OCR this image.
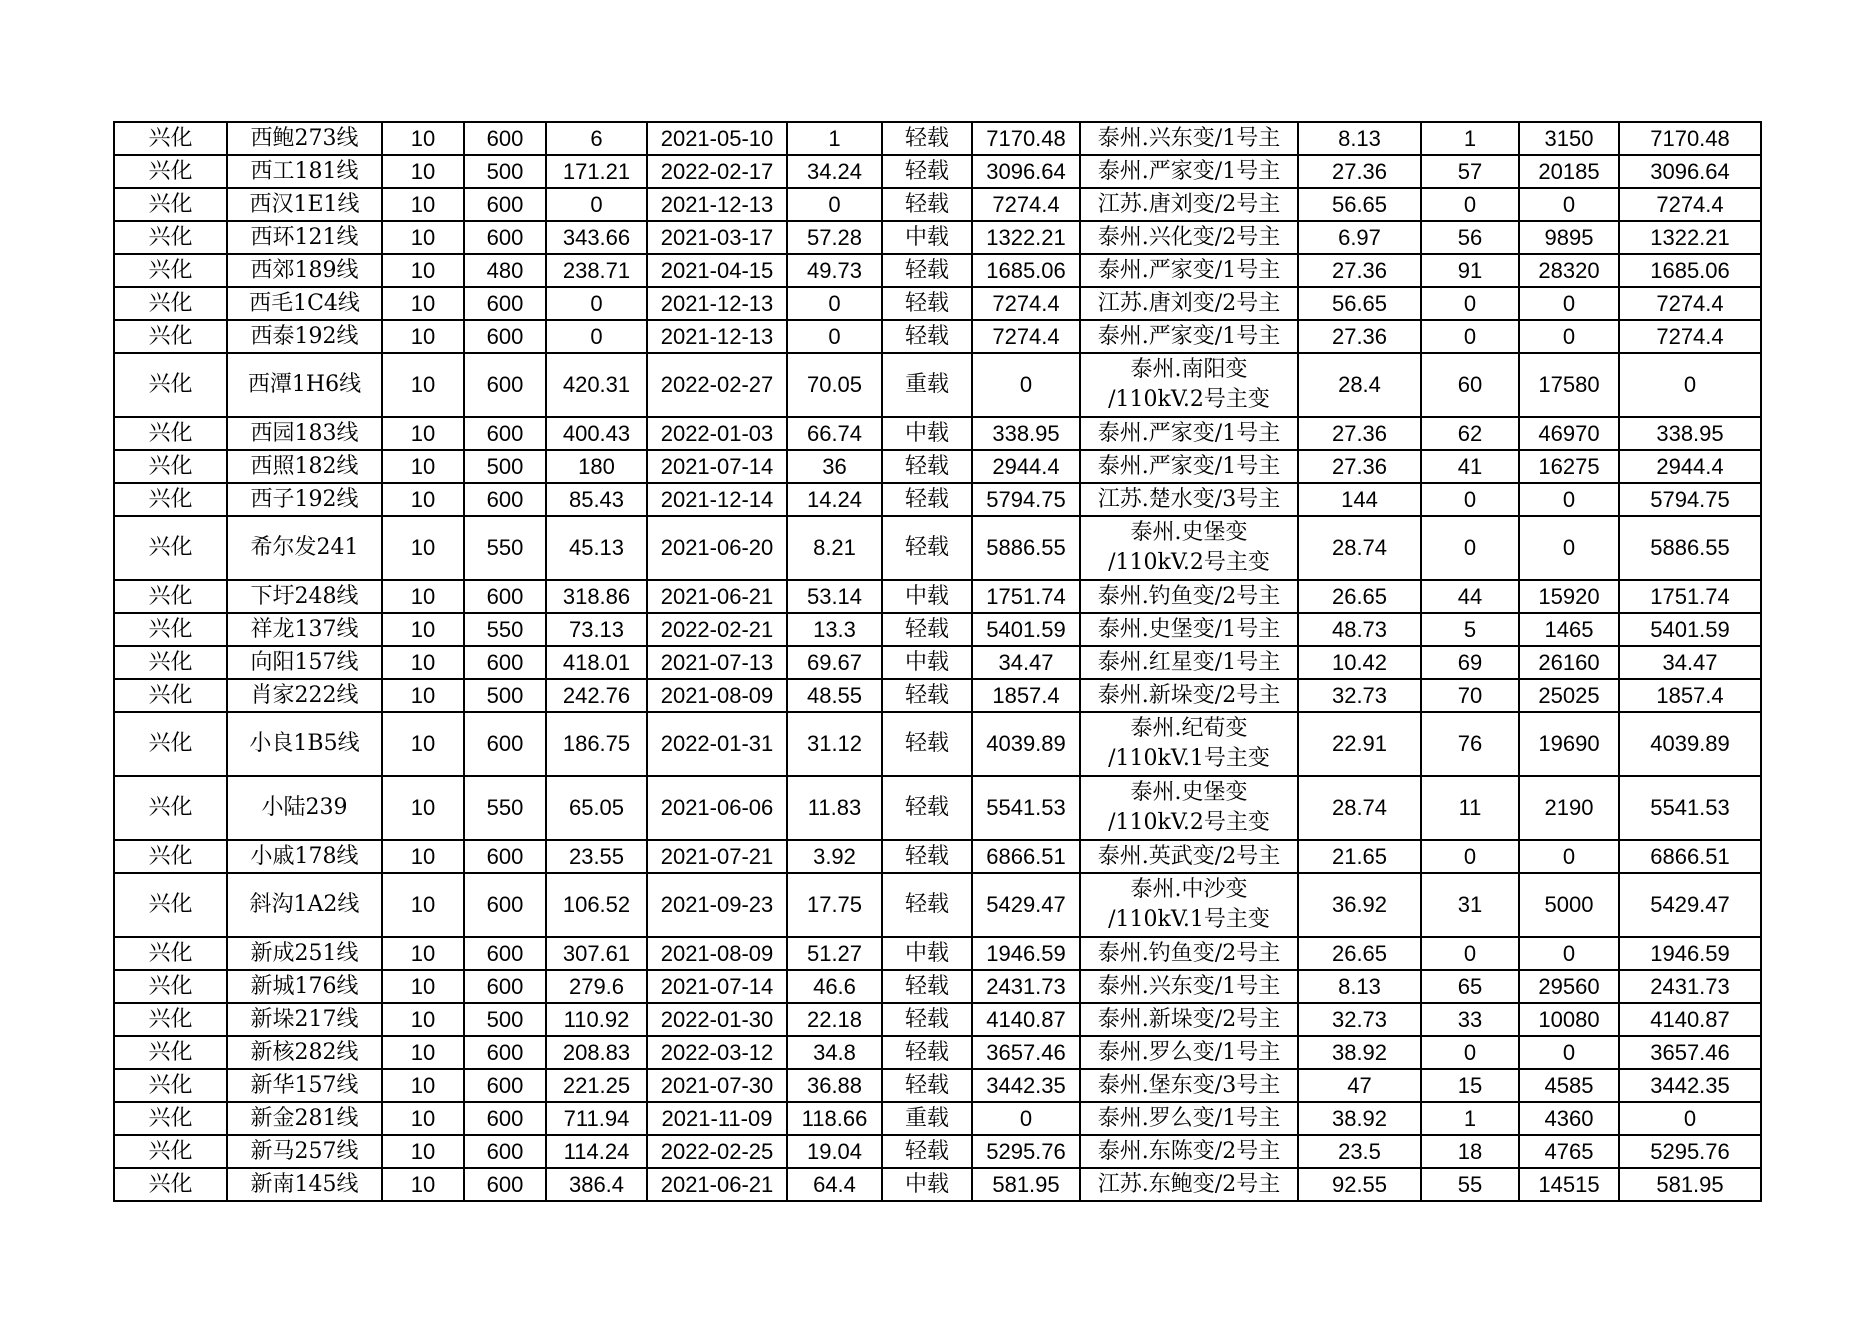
兴化	西鲍273线	10	600	6	2021-05-10	1	轻载	7170.48	泰州.兴东变/1号主	8.13	1	3150	7170.48
兴化	西工181线	10	500	171.21	2022-02-17	34.24	轻载	3096.64	泰州.严家变/1号主	27.36	57	20185	3096.64
兴化	西汉1E1线	10	600	0	2021-12-13	0	轻载	7274.4	江苏.唐刘变/2号主	56.65	0	0	7274.4
兴化	西环121线	10	600	343.66	2021-03-17	57.28	中载	1322.21	泰州.兴化变/2号主	6.97	56	9895	1322.21
兴化	西郊189线	10	480	238.71	2021-04-15	49.73	轻载	1685.06	泰州.严家变/1号主	27.36	91	28320	1685.06
兴化	西毛1C4线	10	600	0	2021-12-13	0	轻载	7274.4	江苏.唐刘变/2号主	56.65	0	0	7274.4
兴化	西泰192线	10	600	0	2021-12-13	0	轻载	7274.4	泰州.严家变/1号主	27.36	0	0	7274.4
兴化	西潭1H6线	10	600	420.31	2022-02-27	70.05	重载	0	泰州.南阳变 /110kV.2号主变	28.4	60	17580	0
兴化	西园183线	10	600	400.43	2022-01-03	66.74	中载	338.95	泰州.严家变/1号主	27.36	62	46970	338.95
兴化	西照182线	10	500	180	2021-07-14	36	轻载	2944.4	泰州.严家变/1号主	27.36	41	16275	2944.4
兴化	西子192线	10	600	85.43	2021-12-14	14.24	轻载	5794.75	江苏.楚水变/3号主	144	0	0	5794.75
兴化	希尔发241	10	550	45.13	2021-06-20	8.21	轻载	5886.55	泰州.史堡变 /110kV.2号主变	28.74	0	0	5886.55
兴化	下圩248线	10	600	318.86	2021-06-21	53.14	中载	1751.74	泰州.钓鱼变/2号主	26.65	44	15920	1751.74
兴化	祥龙137线	10	550	73.13	2022-02-21	13.3	轻载	5401.59	泰州.史堡变/1号主	48.73	5	1465	5401.59
兴化	向阳157线	10	600	418.01	2021-07-13	69.67	中载	34.47	泰州.红星变/1号主	10.42	69	26160	34.47
兴化	肖家222线	10	500	242.76	2021-08-09	48.55	轻载	1857.4	泰州.新垛变/2号主	32.73	70	25025	1857.4
兴化	小良1B5线	10	600	186.75	2022-01-31	31.12	轻载	4039.89	泰州.纪荀变 /110kV.1号主变	22.91	76	19690	4039.89
兴化	小陆239	10	550	65.05	2021-06-06	11.83	轻载	5541.53	泰州.史堡变 /110kV.2号主变	28.74	11	2190	5541.53
兴化	小戚178线	10	600	23.55	2021-07-21	3.92	轻载	6866.51	泰州.英武变/2号主	21.65	0	0	6866.51
兴化	斜沟1A2线	10	600	106.52	2021-09-23	17.75	轻载	5429.47	泰州.中沙变 /110kV.1号主变	36.92	31	5000	5429.47
兴化	新成251线	10	600	307.61	2021-08-09	51.27	中载	1946.59	泰州.钓鱼变/2号主	26.65	0	0	1946.59
兴化	新城176线	10	600	279.6	2021-07-14	46.6	轻载	2431.73	泰州.兴东变/1号主	8.13	65	29560	2431.73
兴化	新垛217线	10	500	110.92	2022-01-30	22.18	轻载	4140.87	泰州.新垛变/2号主	32.73	33	10080	4140.87
兴化	新核282线	10	600	208.83	2022-03-12	34.8	轻载	3657.46	泰州.罗么变/1号主	38.92	0	0	3657.46
兴化	新华157线	10	600	221.25	2021-07-30	36.88	轻载	3442.35	泰州.堡东变/3号主	47	15	4585	3442.35
兴化	新金281线	10	600	711.94	2021-11-09	118.66	重载	0	泰州.罗么变/1号主	38.92	1	4360	0
兴化	新马257线	10	600	114.24	2022-02-25	19.04	轻载	5295.76	泰州.东陈变/2号主	23.5	18	4765	5295.76
兴化	新南145线	10	600	386.4	2021-06-21	64.4	中载	581.95	江苏.东鲍变/2号主	92.55	55	14515	581.95
